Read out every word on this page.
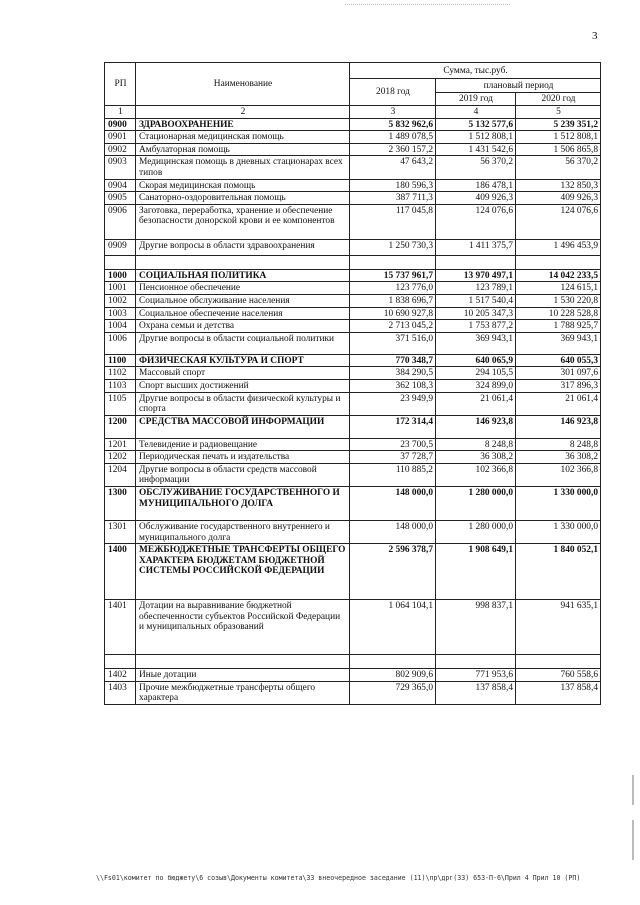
3
РП	Наименование	Сумма, тыс.руб.		
		2018 год	плановый период	
			2019 год	2020 год
1	2	3	4	5
0900	ЗДРАВООХРАНЕНИЕ	5 832 962,6	5 132 577,6	5 239 351,2
0901	Стационарная медицинская помощь	1 489 078,5	1 512 808,1	1 512 808,1
0902	Амбулаторная помощь	2 360 157,2	1 431 542,6	1 506 865,8
0903	Медицинская помощь в дневных стационарах всех типов	47 643,2	56 370,2	56 370,2
0904	Скорая медицинская помощь	180 596,3	186 478,1	132 850,3
0905	Санаторно-оздоровительная помощь	387 711,3	409 926,3	409 926,3
0906	Заготовка, переработка, хранение и обеспечение безопасности донорской крови и ее компонентов	117 045,8	124 076,6	124 076,6
0909	Другие вопросы в области здравоохранения	1 250 730,3	1 411 375,7	1 496 453,9

1000	СОЦИАЛЬНАЯ ПОЛИТИКА	15 737 961,7	13 970 497,1	14 042 233,5
1001	Пенсионное обеспечение	123 776,0	123 789,1	124 615,1
1002	Социальное обслуживание населения	1 838 696,7	1 517 540,4	1 530 220,8
1003	Социальное обеспечение населения	10 690 927,8	10 205 347,3	10 228 528,8
1004	Охрана семьи и детства	2 713 045,2	1 753 877,2	1 788 925,7
1006	Другие вопросы в области социальной политики	371 516,0	369 943,1	369 943,1
1100	ФИЗИЧЕСКАЯ КУЛЬТУРА И СПОРТ	770 348,7	640 065,9	640 055,3
1102	Массовый спорт	384 290,5	294 105,5	301 097,6
1103	Спорт высших достижений	362 108,3	324 899,0	317 896,3
1105	Другие вопросы в области физической культуры и спорта	23 949,9	21 061,4	21 061,4
1200	СРЕДСТВА МАССОВОЙ ИНФОРМАЦИИ	172 314,4	146 923,8	146 923,8
1201	Телевидение и радиовещание	23 700,5	8 248,8	8 248,8
1202	Периодическая печать и издательства	37 728,7	36 308,2	36 308,2
1204	Другие вопросы в области средств массовой информации	110 885,2	102 366,8	102 366,8
1300	ОБСЛУЖИВАНИЕ ГОСУДАРСТВЕННОГО И МУНИЦИПАЛЬНОГО ДОЛГА	148 000,0	1 280 000,0	1 330 000,0
1301	Обслуживание государственного внутреннего и муниципального долга	148 000,0	1 280 000,0	1 330 000,0
1400	МЕЖБЮДЖЕТНЫЕ ТРАНСФЕРТЫ ОБЩЕГО ХАРАКТЕРА БЮДЖЕТАМ БЮДЖЕТНОЙ СИСТЕМЫ РОССИЙСКОЙ ФЕДЕРАЦИИ	2 596 378,7	1 908 649,1	1 840 052,1
1401	Дотации на выравнивание бюджетной обеспеченности субъектов Российской Федерации и муниципальных образований	1 064 104,1	998 837,1	941 635,1

1402	Иные дотации	802 909,6	771 953,6	760 558,6
1403	Прочие межбюджетные трансферты общего характера	729 365,0	137 858,4	137 858,4
\\Fs01\комитет по бюджету\6 созыв\Документы комитета\33 внеочередное заседание (11)\пр\дрг(33) 653-П-6\Прил 4 Прил 10 (РП)
